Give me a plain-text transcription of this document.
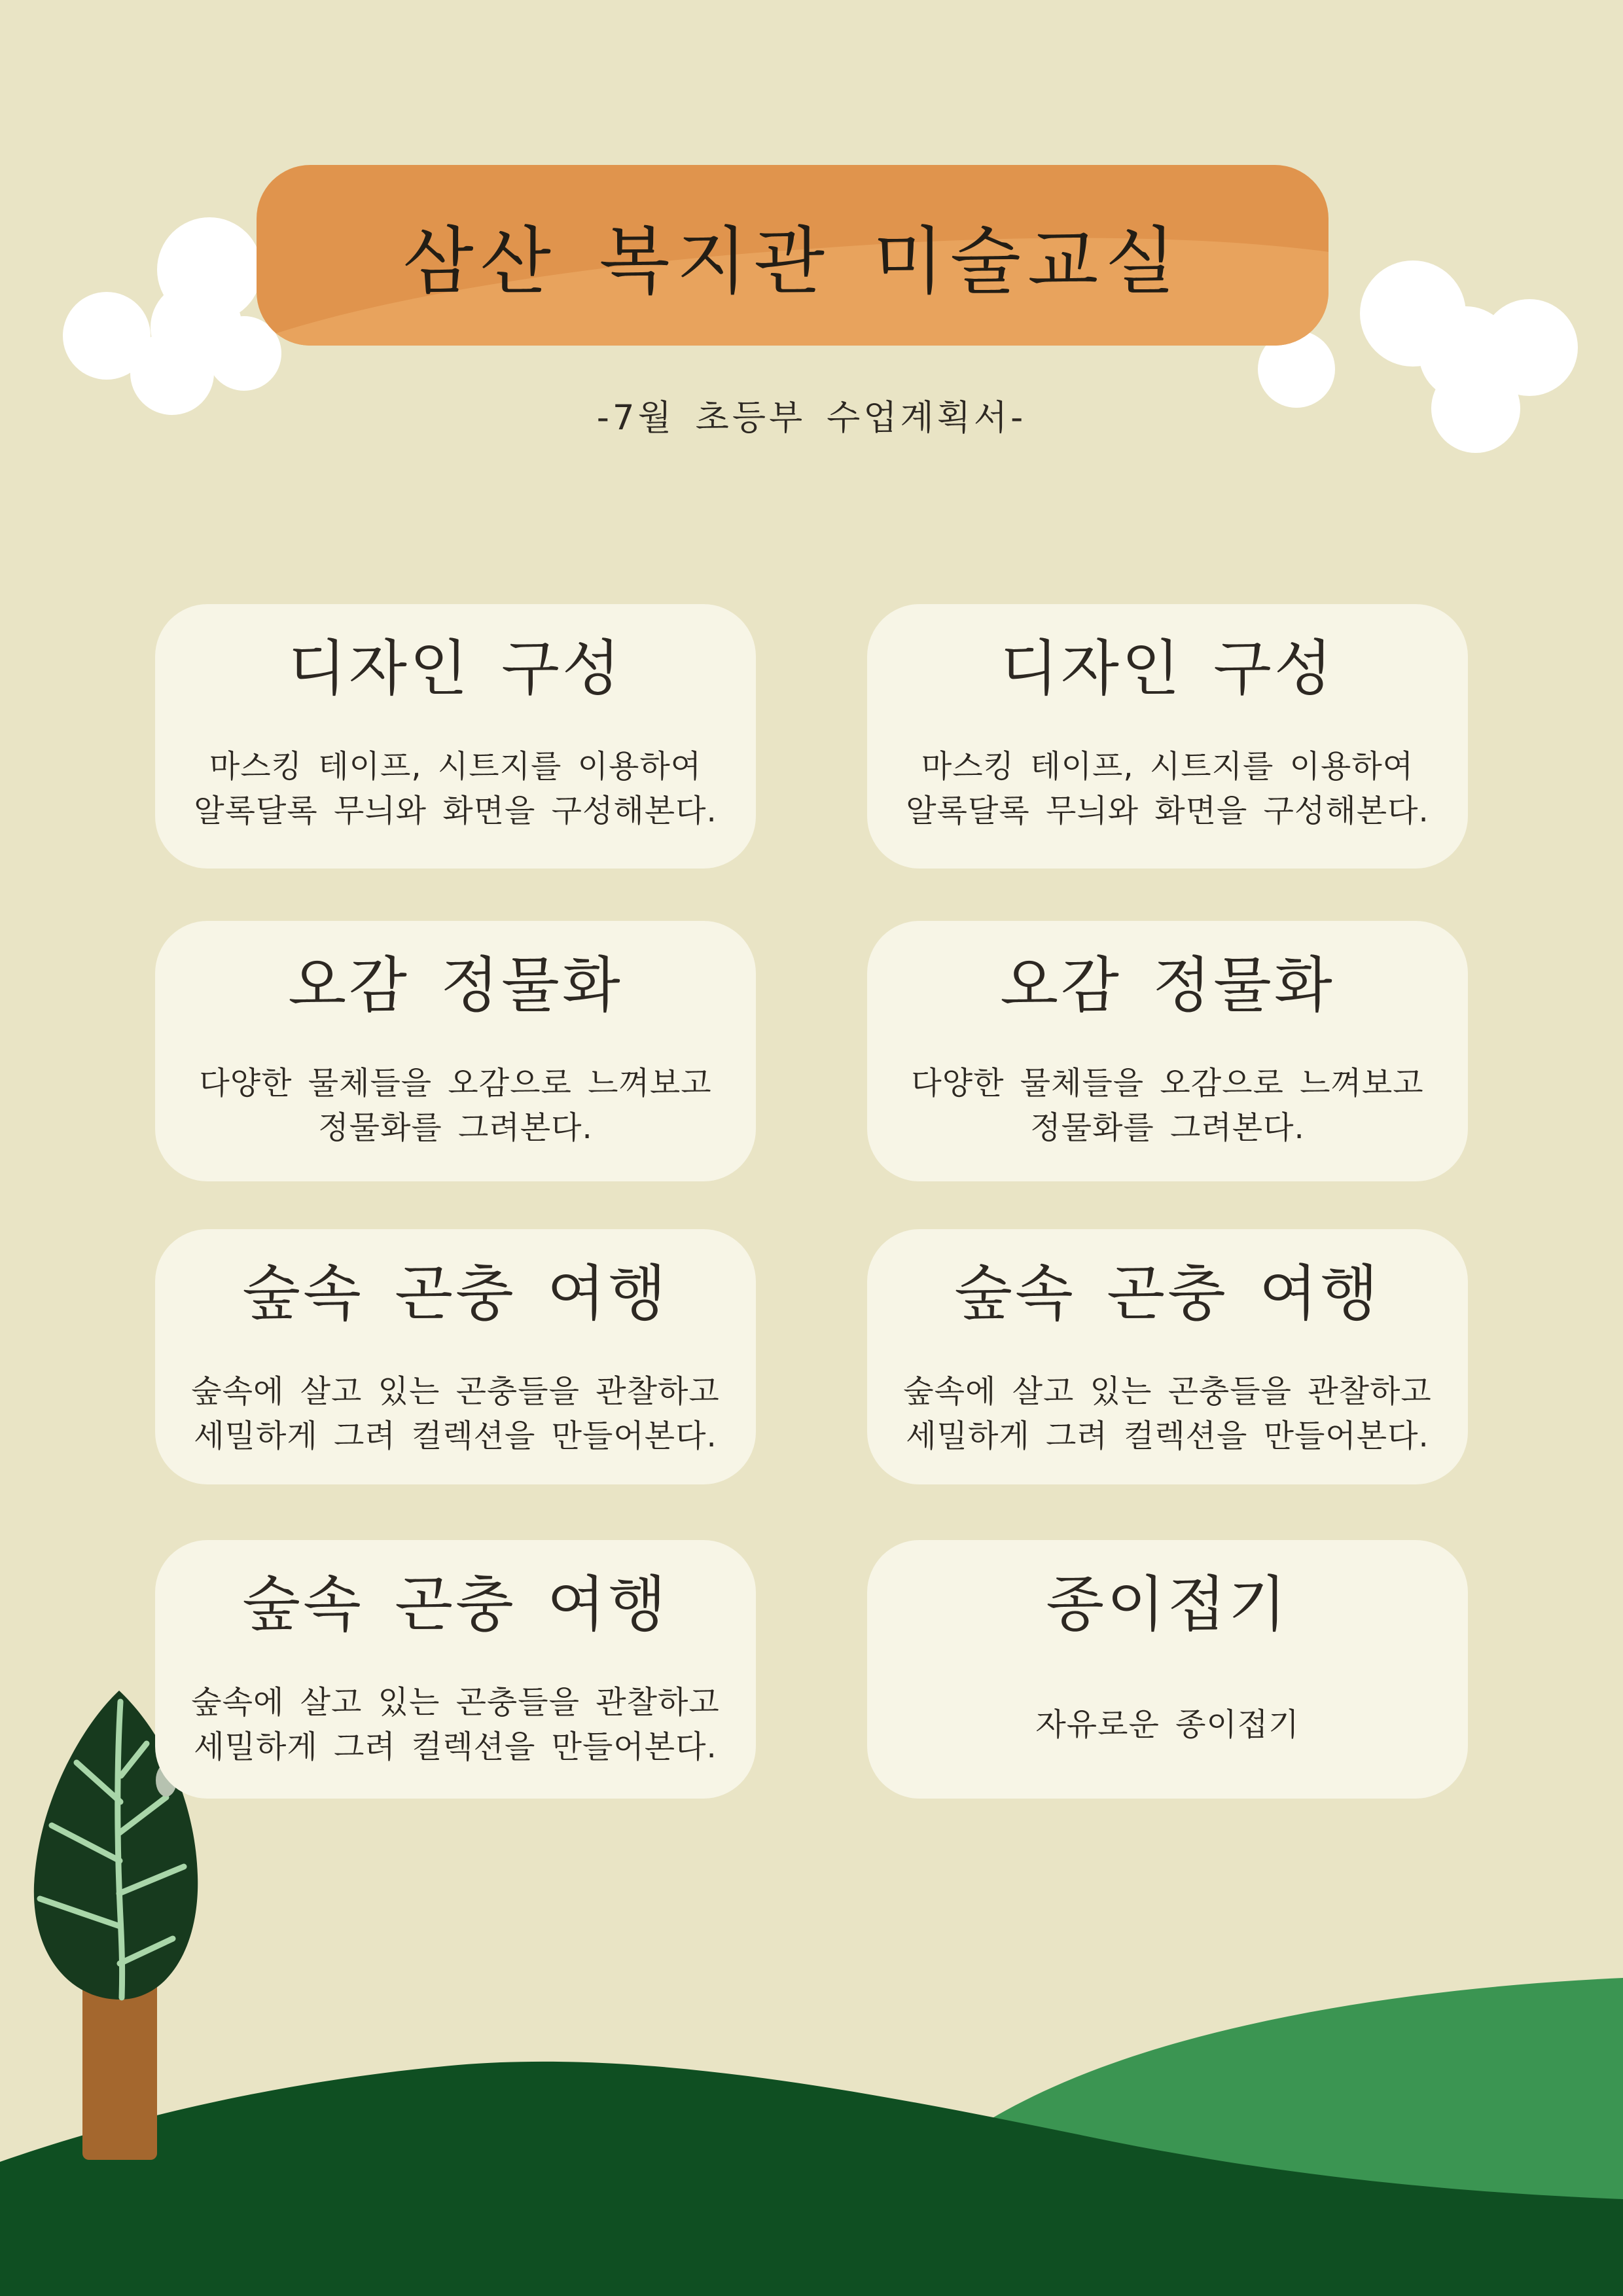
삼산 복지관 미술교실
-7월 초등부 수업계획서-
디자인 구성
마스킹 테이프, 시트지를 이용하여
알록달록 무늬와 화면을 구성해본다.
디자인 구성
마스킹 테이프, 시트지를 이용하여
알록달록 무늬와 화면을 구성해본다.
오감 정물화
다양한 물체들을 오감으로 느껴보고
정물화를 그려본다.
오감 정물화
다양한 물체들을 오감으로 느껴보고
정물화를 그려본다.
숲속 곤충 여행
숲속에 살고 있는 곤충들을 관찰하고
세밀하게 그려 컬렉션을 만들어본다.
숲속 곤충 여행
숲속에 살고 있는 곤충들을 관찰하고
세밀하게 그려 컬렉션을 만들어본다.
숲속 곤충 여행
숲속에 살고 있는 곤충들을 관찰하고
세밀하게 그려 컬렉션을 만들어본다.
종이접기
자유로운 종이접기
